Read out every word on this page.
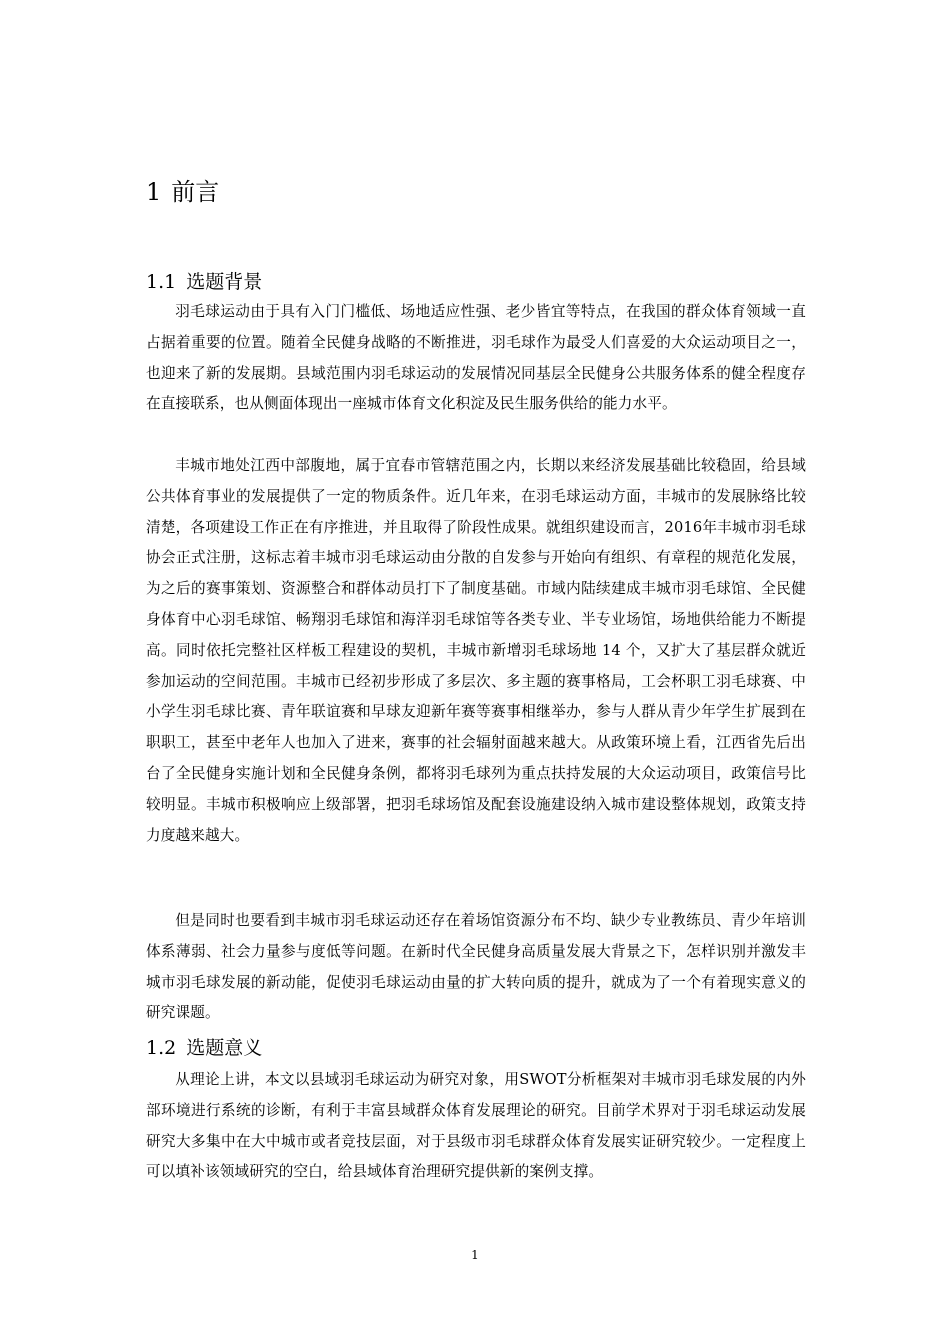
1 前言
1.1 选题背景

羽毛球运动由于具有入门门槛低、场地适应性强、老少皆宜等特点，在我国的群众体育领域一直占据着重要的位置。随着全民健身战略的不断推进，羽毛球作为最受人们喜爱的大众运动项目之一，也迎来了新的发展期。县域范围内羽毛球运动的发展情况同基层全民健身公共服务体系的健全程度存在直接联系，也从侧面体现出一座城市体育文化积淀及民生服务供给的能力水平。

丰城市地处江西中部腹地，属于宜春市管辖范围之内，长期以来经济发展基础比较稳固，给县域公共体育事业的发展提供了一定的物质条件。近几年来，在羽毛球运动方面，丰城市的发展脉络比较清楚，各项建设工作正在有序推进，并且取得了阶段性成果。就组织建设而言，2016年丰城市羽毛球协会正式注册，这标志着丰城市羽毛球运动由分散的自发参与开始向有组织、有章程的规范化发展，为之后的赛事策划、资源整合和群体动员打下了制度基础。市域内陆续建成丰城市羽毛球馆、全民健身体育中心羽毛球馆、畅翔羽毛球馆和海洋羽毛球馆等各类专业、半专业场馆，场地供给能力不断提高。同时依托完整社区样板工程建设的契机，丰城市新增羽毛球场地 14 个，又扩大了基层群众就近参加运动的空间范围。丰城市已经初步形成了多层次、多主题的赛事格局，工会杯职工羽毛球赛、中小学生羽毛球比赛、青年联谊赛和早球友迎新年赛等赛事相继举办，参与人群从青少年学生扩展到在职职工，甚至中老年人也加入了进来，赛事的社会辐射面越来越大。从政策环境上看，江西省先后出台了全民健身实施计划和全民健身条例，都将羽毛球列为重点扶持发展的大众运动项目，政策信号比较明显。丰城市积极响应上级部署，把羽毛球场馆及配套设施建设纳入城市建设整体规划，政策支持力度越来越大。

但是同时也要看到丰城市羽毛球运动还存在着场馆资源分布不均、缺少专业教练员、青少年培训体系薄弱、社会力量参与度低等问题。在新时代全民健身高质量发展大背景之下，怎样识别并激发丰城市羽毛球发展的新动能，促使羽毛球运动由量的扩大转向质的提升，就成为了一个有着现实意义的研究课题。

1.2 选题意义

从理论上讲，本文以县域羽毛球运动为研究对象，用SWOT分析框架对丰城市羽毛球发展的内外部环境进行系统的诊断，有利于丰富县域群众体育发展理论的研究。目前学术界对于羽毛球运动发展研究大多集中在大中城市或者竞技层面，对于县级市羽毛球群众体育发展实证研究较少。一定程度上可以填补该领域研究的空白，给县域体育治理研究提供新的案例支撑。

1
